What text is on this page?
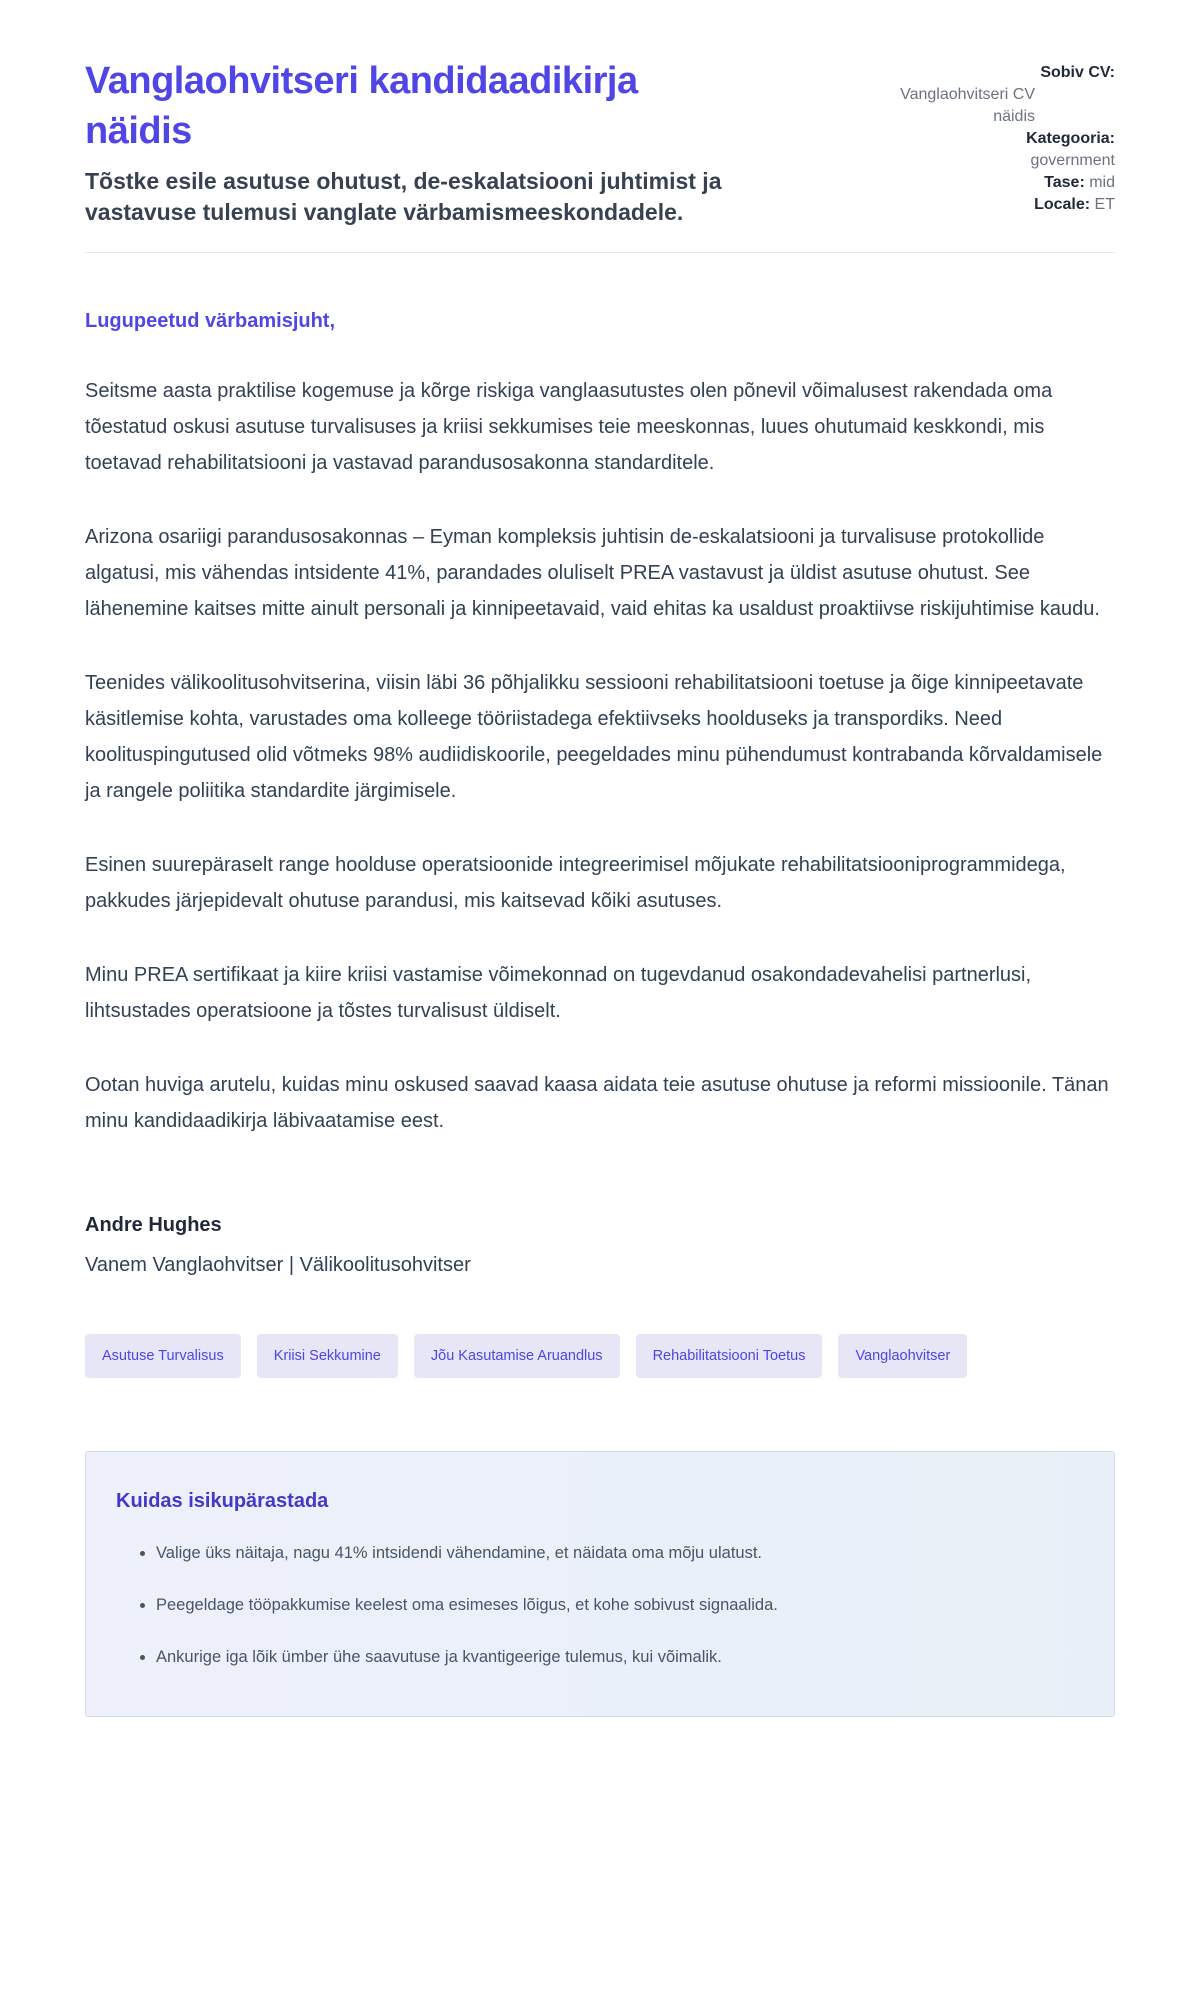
Vanglaohvitseri kandidaadikirja näidis

Tõstke esile asutuse ohutust, de-eskalatsiooni juhtimist ja vastavuse tulemusi vanglate värbamismeeskondadele.

Sobiv CV:
Vanglaohvitseri CV näidis
Kategooria:
government
Tase: mid
Locale: ET

Lugupeetud värbamisjuht,

Seitsme aasta praktilise kogemuse ja kõrge riskiga vanglaasutustes olen põnevil võimalusest rakendada oma tõestatud oskusi asutuse turvalisuses ja kriisi sekkumises teie meeskonnas, luues ohutumaid keskkondi, mis toetavad rehabilitatsiooni ja vastavad parandusosakonna standarditele.

Arizona osariigi parandusosakonnas – Eyman kompleksis juhtisin de-eskalatsiooni ja turvalisuse protokollide algatusi, mis vähendas intsidente 41%, parandades oluliselt PREA vastavust ja üldist asutuse ohutust. See lähenemine kaitses mitte ainult personali ja kinnipeetavaid, vaid ehitas ka usaldust proaktiivse riskijuhtimise kaudu.

Teenides välikoolitusohvitserina, viisin läbi 36 põhjalikku sessiooni rehabilitatsiooni toetuse ja õige kinnipeetavate käsitlemise kohta, varustades oma kolleege tööriistadega efektiivseks hoolduseks ja transpordiks. Need koolituspingutused olid võtmeks 98% audiidiskoorile, peegeldades minu pühendumust kontrabanda kõrvaldamisele ja rangele poliitika standardite järgimisele.

Esinen suurepäraselt range hoolduse operatsioonide integreerimisel mõjukate rehabilitatsiooniprogrammidega, pakkudes järjepidevalt ohutuse parandusi, mis kaitsevad kõiki asutuses.

Minu PREA sertifikaat ja kiire kriisi vastamise võimekonnad on tugevdanud osakondadevahelisi partnerlusi, lihtsustades operatsioone ja tõstes turvalisust üldiselt.

Ootan huviga arutelu, kuidas minu oskused saavad kaasa aidata teie asutuse ohutuse ja reformi missioonile. Tänan minu kandidaadikirja läbivaatamise eest.

Andre Hughes

Vanem Vanglaohvitser | Välikoolitusohvitser

Asutuse Turvalisus	Kriisi Sekkumine	Jõu Kasutamise Aruandlus	Rehabilitatsiooni Toetus	Vanglaohvitser
Kuidas isikupärastada
• Valige üks näitaja, nagu 41% intsidendi vähendamine, et näidata oma mõju ulatust.
• Peegeldage tööpakkumise keelest oma esimeses lõigus, et kohe sobivust signaalida.
• Ankurige iga lõik ümber ühe saavutuse ja kvantigeerige tulemus, kui võimalik.
